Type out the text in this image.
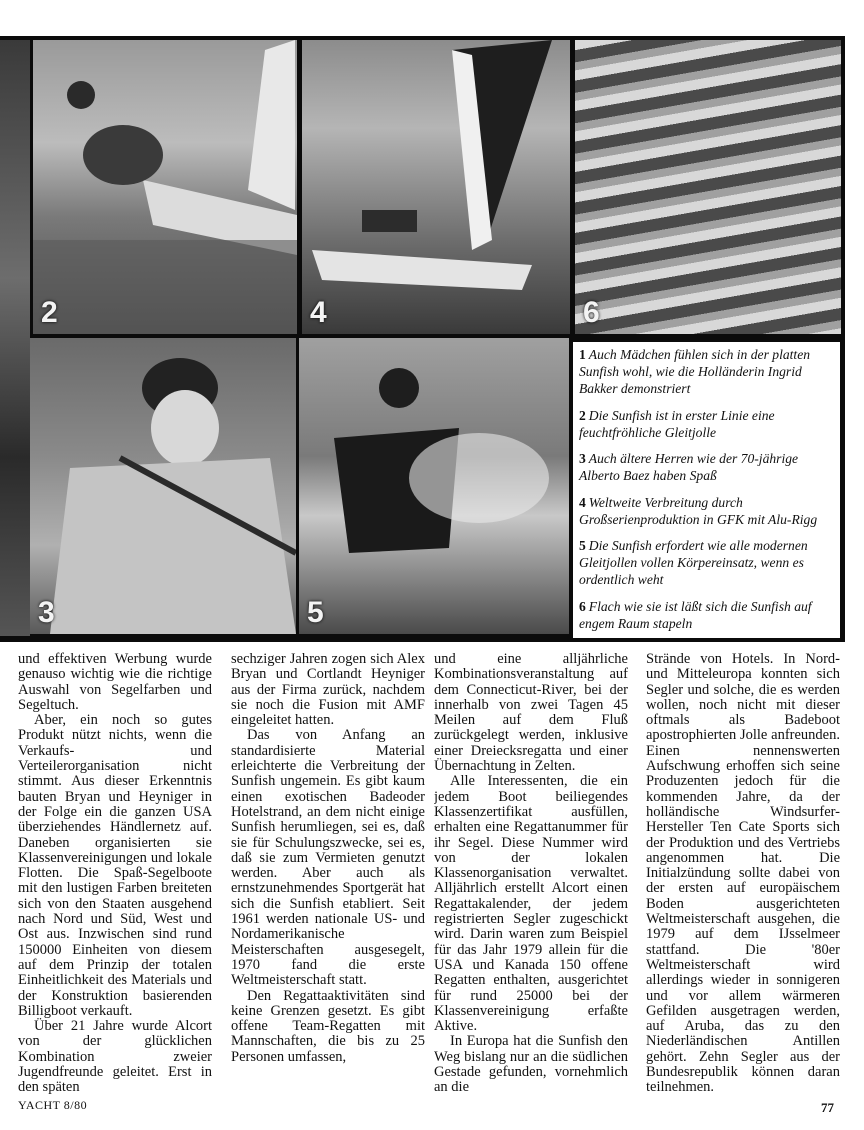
2	4	6
3	5

1 Auch Mädchen fühlen sich in der platten Sunfish wohl, wie die Holländerin Ingrid Bakker demonstriert

2 Die Sunfish ist in erster Linie eine feuchtfröhliche Gleitjolle

3 Auch ältere Herren wie der 70-jährige Alberto Baez haben Spaß

4 Weltweite Verbreitung durch Großserienproduktion in GFK mit Alu-Rigg

5 Die Sunfish erfordert wie alle modernen Gleitjollen vollen Körpereinsatz, wenn es ordentlich weht

6 Flach wie sie ist läßt sich die Sunfish auf engem Raum stapeln

und effektiven Werbung wurde genauso wichtig wie die richtige Auswahl von Segelfarben und Segeltuch.

Aber, ein noch so gutes Produkt nützt nichts, wenn die Verkaufs- und Verteilerorganisation nicht stimmt. Aus dieser Erkenntnis bauten Bryan und Heyniger in der Folge ein die ganzen USA überziehendes Händlernetz auf. Daneben organisierten sie Klassenvereinigungen und lokale Flotten. Die Spaß-Segelboote mit den lustigen Farben breiteten sich von den Staaten ausgehend nach Nord und Süd, West und Ost aus. Inzwischen sind rund 150000 Einheiten von diesem auf dem Prinzip der totalen Einheitlichkeit des Materials und der Konstruktion basierenden Billigboot verkauft.

Über 21 Jahre wurde Alcort von der glücklichen Kombination zweier Jugendfreunde geleitet. Erst in den späten

sechziger Jahren zogen sich Alex Bryan und Cortlandt Heyniger aus der Firma zurück, nachdem sie noch die Fusion mit AMF eingeleitet hatten.

Das von Anfang an standardisierte Material erleichterte die Verbreitung der Sunfish ungemein. Es gibt kaum einen exotischen Badeoder Hotelstrand, an dem nicht einige Sunfish herumliegen, sei es, daß sie für Schulungszwecke, sei es, daß sie zum Vermieten genutzt werden. Aber auch als ernstzunehmendes Sportgerät hat sich die Sunfish etabliert. Seit 1961 werden nationale US- und Nordamerikanische Meisterschaften ausgesegelt, 1970 fand die erste Weltmeisterschaft statt.

Den Regattaaktivitäten sind keine Grenzen gesetzt. Es gibt offene Team-Regatten mit Mannschaften, die bis zu 25 Personen umfassen,

und eine alljährliche Kombinationsveranstaltung auf dem Connecticut-River, bei der innerhalb von zwei Tagen 45 Meilen auf dem Fluß zurückgelegt werden, inklusive einer Dreiecksregatta und einer Übernachtung in Zelten.

Alle Interessenten, die ein jedem Boot beiliegendes Klassenzertifikat ausfüllen, erhalten eine Regattanummer für ihr Segel. Diese Nummer wird von der lokalen Klassenorganisation verwaltet. Alljährlich erstellt Alcort einen Regattakalender, der jedem registrierten Segler zugeschickt wird. Darin waren zum Beispiel für das Jahr 1979 allein für die USA und Kanada 150 offene Regatten enthalten, ausgerichtet für rund 25000 bei der Klassenvereinigung erfaßte Aktive.

In Europa hat die Sunfish den Weg bislang nur an die südlichen Gestade gefunden, vornehmlich an die

Strände von Hotels. In Nord- und Mitteleuropa konnten sich Segler und solche, die es werden wollen, noch nicht mit dieser oftmals als Badeboot apostrophierten Jolle anfreunden. Einen nennenswerten Aufschwung erhoffen sich seine Produzenten jedoch für die kommenden Jahre, da der holländische Windsurfer-Hersteller Ten Cate Sports sich der Produktion und des Vertriebs angenommen hat. Die Initialzündung sollte dabei von der ersten auf europäischem Boden ausgerichteten Weltmeisterschaft ausgehen, die 1979 auf dem IJsselmeer stattfand. Die '80er Weltmeisterschaft wird allerdings wieder in sonnigeren und vor allem wärmeren Gefilden ausgetragen werden, auf Aruba, das zu den Niederländischen Antillen gehört. Zehn Segler aus der Bundesrepublik können daran teilnehmen.

YACHT 8/80	77
